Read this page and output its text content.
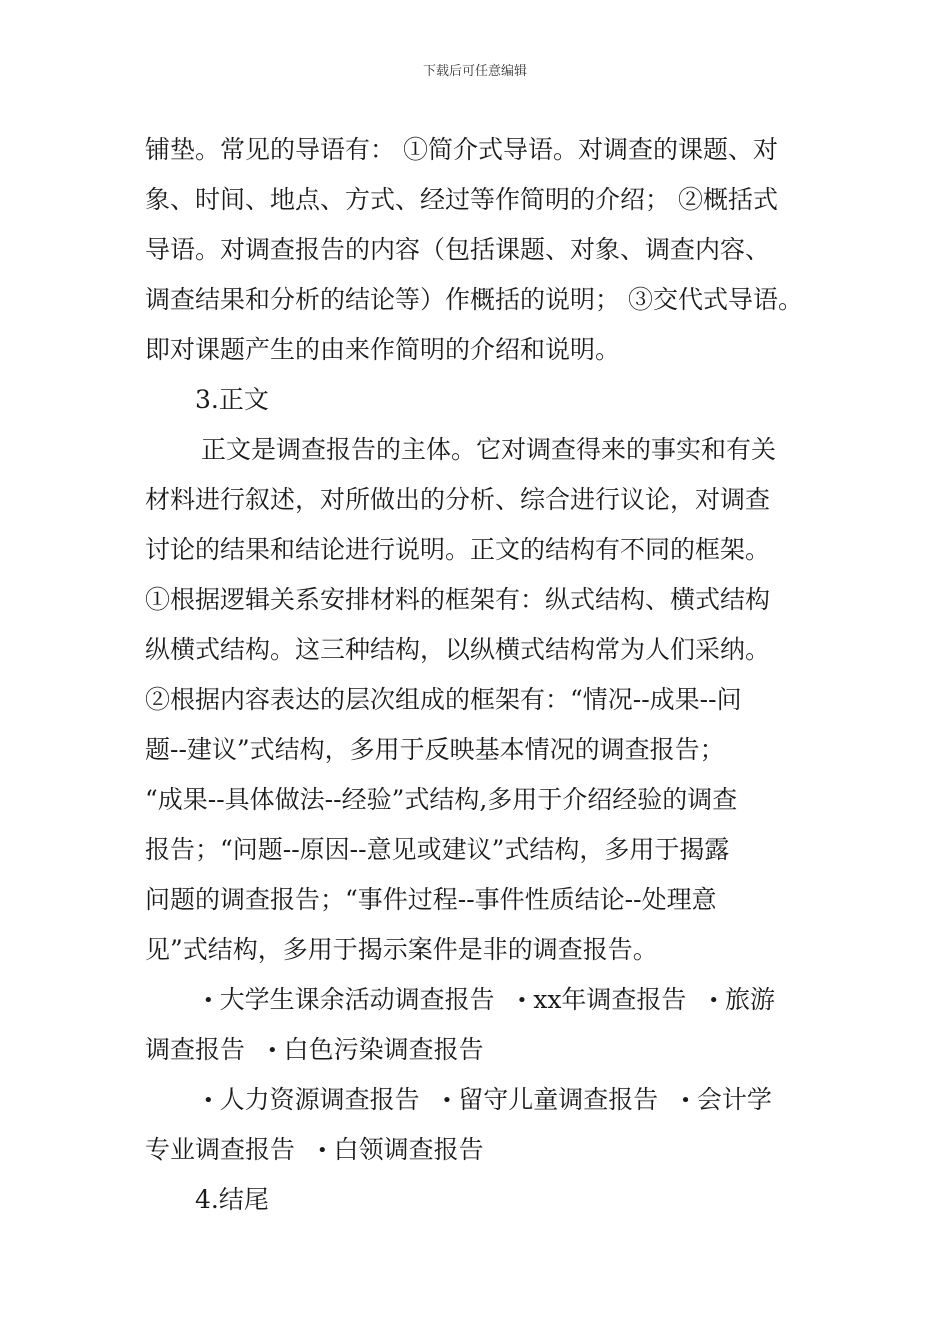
下载后可任意编辑
铺垫。常见的导语有： ①简介式导语。对调查的课题、对
象、时间、地点、方式、经过等作简明的介绍； ②概括式
导语。对调查报告的内容（包括课题、对象、调查内容、
调查结果和分析的结论等）作概括的说明； ③交代式导语。
即对课题产生的由来作简明的介绍和说明。
3.正文
正文是调查报告的主体。它对调查得来的事实和有关
材料进行叙述，对所做出的分析、综合进行议论，对调查
讨论的结果和结论进行说明。正文的结构有不同的框架。
①根据逻辑关系安排材料的框架有：纵式结构、横式结构
纵横式结构。这三种结构，以纵横式结构常为人们采纳。
②根据内容表达的层次组成的框架有：“情况--成果--问
题--建议”式结构，多用于反映基本情况的调查报告；
“成果--具体做法--经验”式结构,多用于介绍经验的调查
报告；“问题--原因--意见或建议”式结构，多用于揭露
问题的调查报告；“事件过程--事件性质结论--处理意
见”式结构，多用于揭示案件是非的调查报告。
• 大学生课余活动调查报告 • xx年调查报告 • 旅游
调查报告 • 白色污染调查报告
• 人力资源调查报告 • 留守儿童调查报告 • 会计学
专业调查报告 • 白领调查报告
4.结尾
